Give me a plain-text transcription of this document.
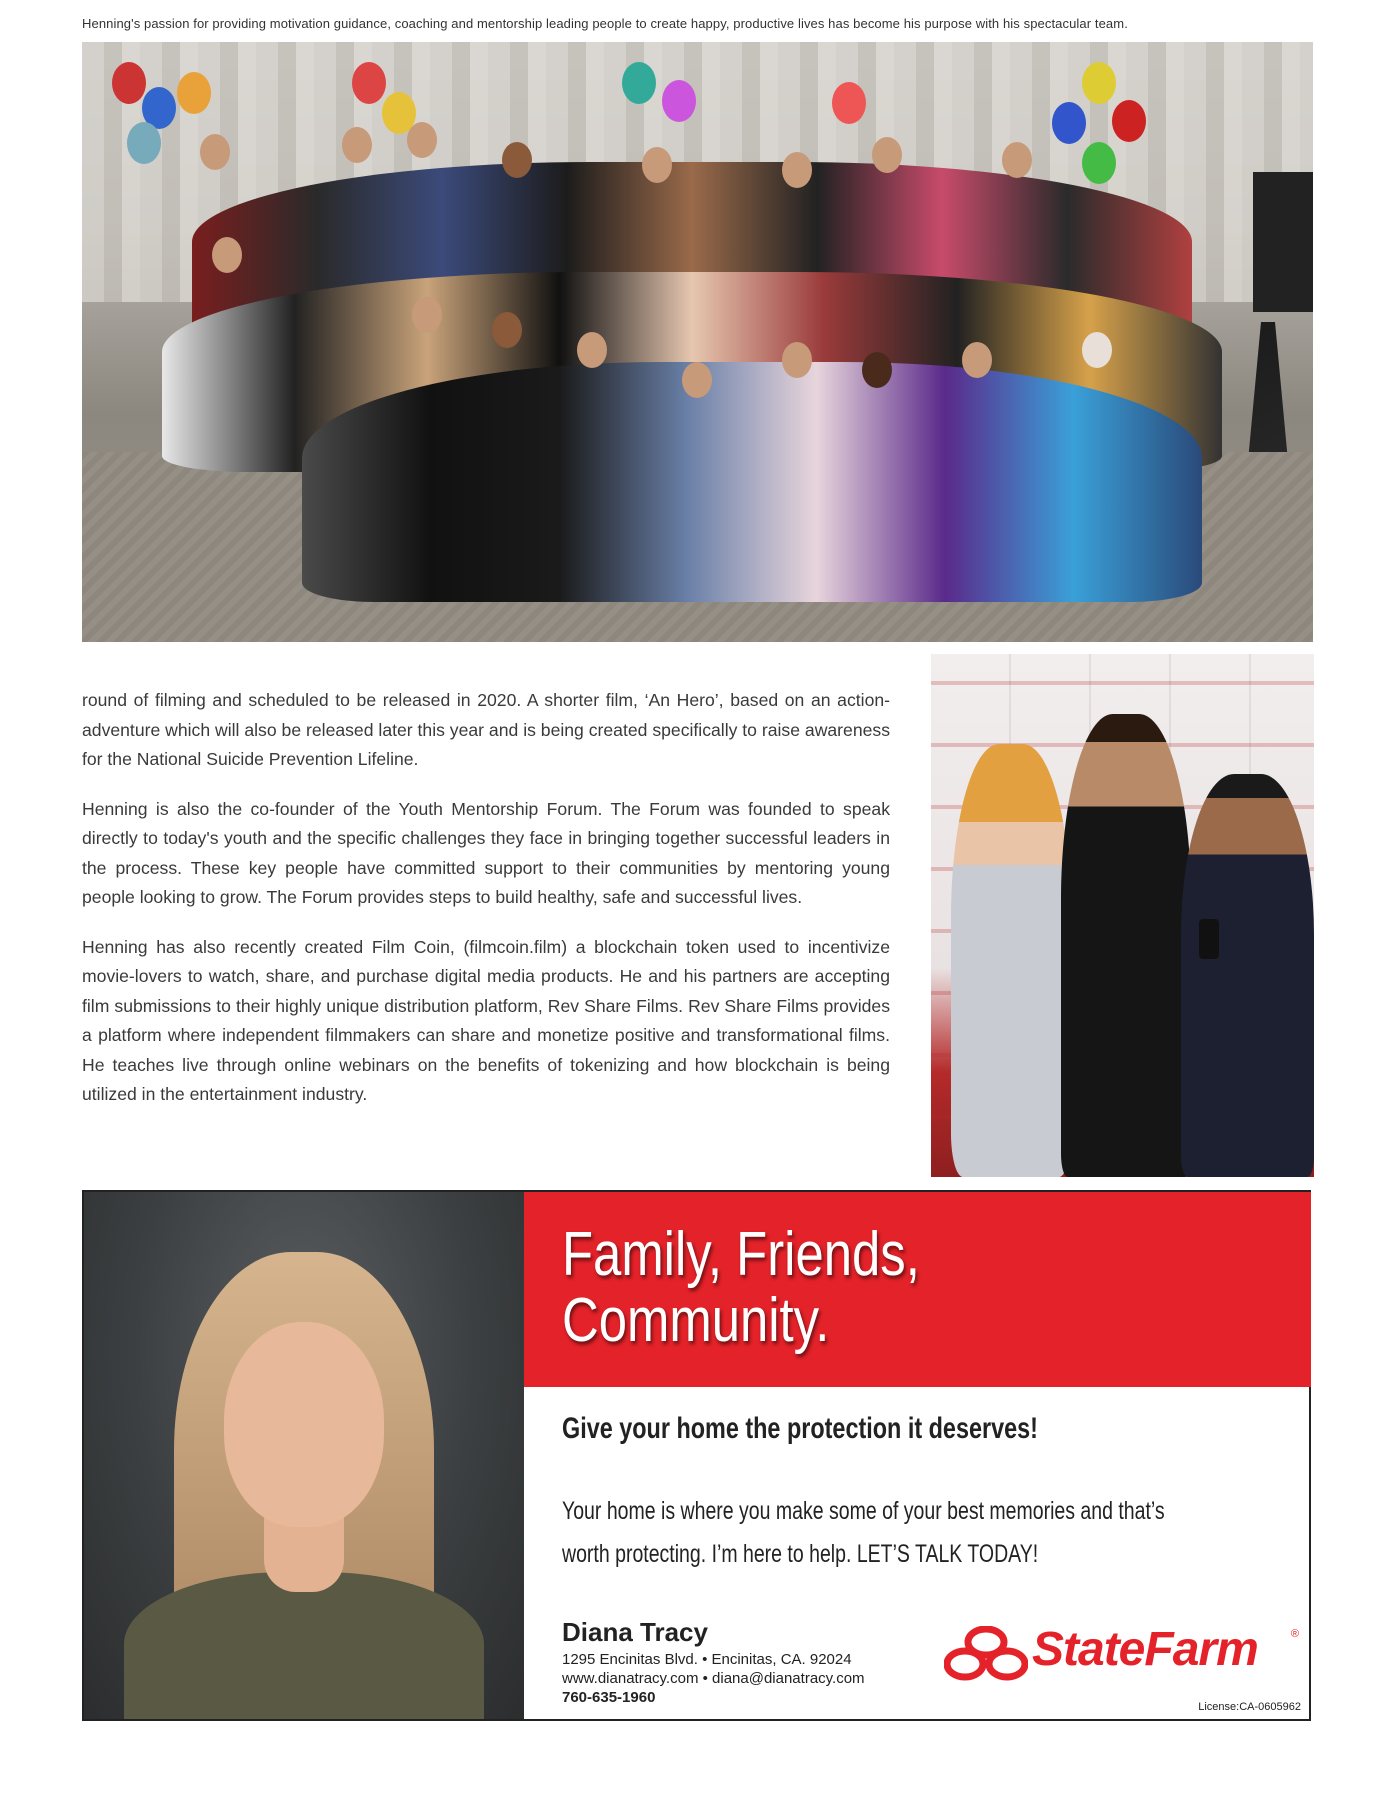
Henning's passion for providing motivation guidance, coaching and mentorship leading people to create happy, productive lives has become his purpose with his spectacular team.

round of filming and scheduled to be released in 2020. A shorter film, ‘An Hero’, based on an action-adventure which will also be released later this year and is being created specifically to raise awareness for the National Suicide Prevention Lifeline.

Henning is also the co-founder of the Youth Mentorship Forum. The Forum was founded to speak directly to today's youth and the specific challenges they face in bringing together successful leaders in the process. These key people have committed support to their communities by mentoring young people looking to grow. The Forum provides steps to build healthy, safe and successful lives.

Henning has also recently created Film Coin, (filmcoin.film) a blockchain token used to incentivize movie-lovers to watch, share, and purchase digital media products. He and his partners are accepting film submissions to their highly unique distribution platform, Rev Share Films. Rev Share Films provides a platform where independent filmmakers can share and monetize positive and transformational films. He teaches live through online webinars on the benefits of tokenizing and how blockchain is being utilized in the entertainment industry.

Family, Friends,
Community.
Give your home the protection it deserves!
Your home is where you make some of your best memories and that’s
worth protecting. I’m here to help. LET’S TALK TODAY!
Diana Tracy
1295 Encinitas Blvd. • Encinitas, CA. 92024
www.dianatracy.com • diana@dianatracy.com
760-635-1960
StateFarm	®
License:CA-0605962
